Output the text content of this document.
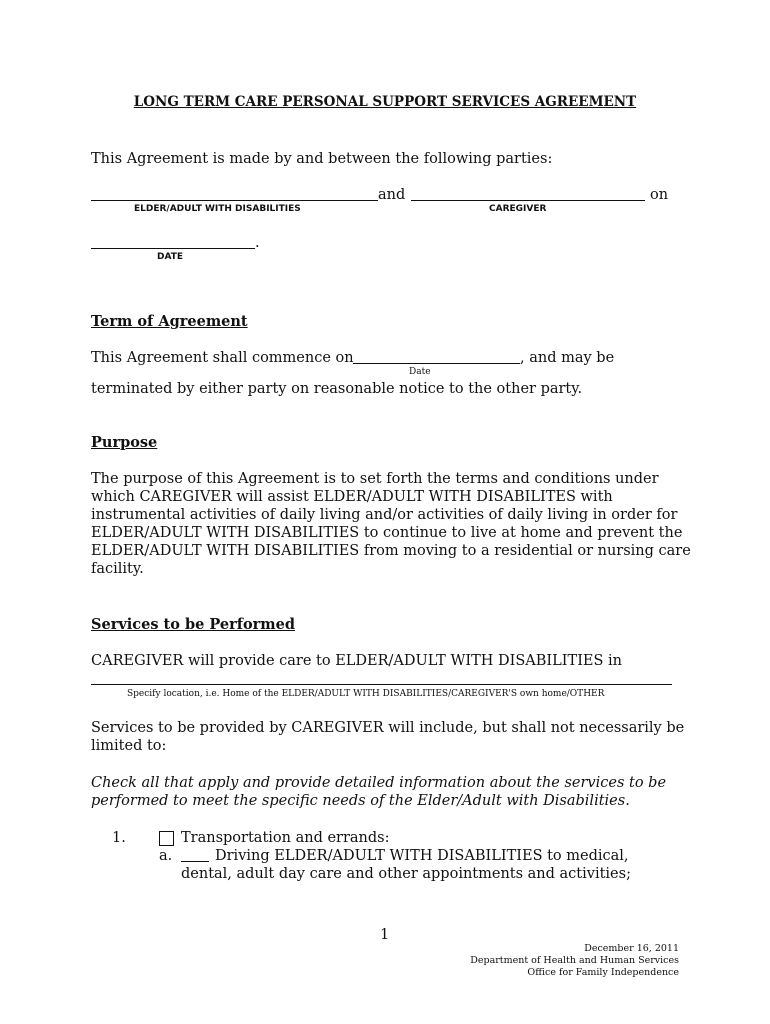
LONG TERM CARE PERSONAL SUPPORT SERVICES AGREEMENT
This Agreement is made by and between the following parties:
and	on
ELDER/ADULT WITH DISABILITIES	CAREGIVER
.
DATE
Term of Agreement
This Agreement shall commence on	, and may be
Date
terminated by either party on reasonable notice to the other party.
Purpose
The purpose of this Agreement is to set forth the terms and conditions under which CAREGIVER will assist ELDER/ADULT WITH DISABILITES with instrumental activities of daily living and/or activities of daily living in order for ELDER/ADULT WITH DISABILITIES to continue to live at home and prevent the ELDER/ADULT WITH DISABILITIES from moving to a residential or nursing care facility.
Services to be Performed
CAREGIVER will provide care to ELDER/ADULT WITH DISABILITIES in
Specify location, i.e. Home of the ELDER/ADULT WITH DISABILITIES/CAREGIVER'S own home/OTHER
Services to be provided by CAREGIVER will include, but shall not necessarily be limited to:
Check all that apply and provide detailed information about the services to be performed to meet the specific needs of the Elder/Adult with Disabilities.
1.	Transportation and errands:
a.	Driving ELDER/ADULT WITH DISABILITIES to medical,
dental, adult day care and other appointments and activities;
1
December 16, 2011
Department of Health and Human Services
Office for Family Independence
